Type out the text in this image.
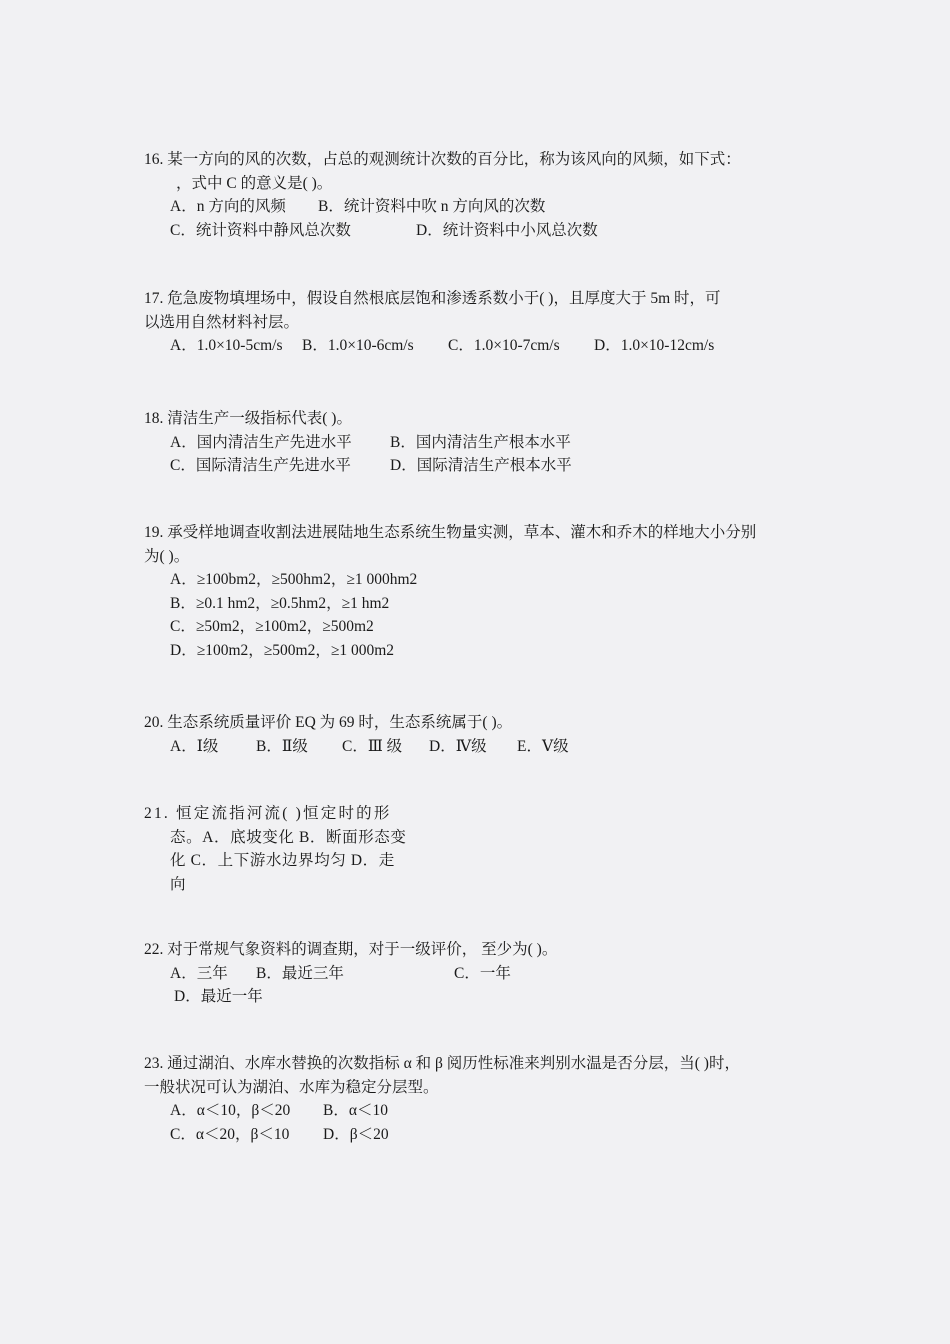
16. 某一方向的风的次数，占总的观测统计次数的百分比，称为该风向的风频，如下式：
，式中 C 的意义是( )。
A．n 方向的风频 B．统计资料中吹 n 方向风的次数
C．统计资料中静风总次数	D．统计资料中小风总次数
17. 危急废物填埋场中，假设自然根底层饱和渗透系数小于( )，且厚度大于 5m 时，可
以选用自然材料衬层。
A．1.0×10-5cm/s B．1.0×10-6cm/s C．1.0×10-7cm/s D．1.0×10-12cm/s
18. 清洁生产一级指标代表( )。
A．国内清洁生产先进水平 B．国内清洁生产根本水平
C．国际清洁生产先进水平	D．国际清洁生产根本水平
19. 承受样地调查收割法进展陆地生态系统生物量实测，草本、灌木和乔木的样地大小分别
为( )。
A．≥100bm2，≥500hm2，≥1 000hm2
B．≥0.1 hm2，≥0.5hm2，≥1 hm2
C．≥50m2，≥100m2，≥500m2
D．≥100m2，≥500m2，≥1 000m2
20. 生态系统质量评价 EQ 为 69 时，生态系统属于( )。
A．Ⅰ级 B．Ⅱ级 C．Ⅲ 级 D．Ⅳ级 E．Ⅴ级
21. 恒定流指河流( )恒定时的形
态。A．底坡变化 B．断面形态变
化 C．上下游水边界均匀 D．走
向
22. 对于常规气象资料的调查期，对于一级评价， 至少为( )。
A．三年 B．最近三年	C．一年
D．最近一年
23. 通过湖泊、水库水替换的次数指标 α 和 β 阅历性标准来判别水温是否分层，当( )时，
一般状况可认为湖泊、水库为稳定分层型。
A．α＜10，β＜20 B．α＜10
C．α＜20，β＜10 D．β＜20
